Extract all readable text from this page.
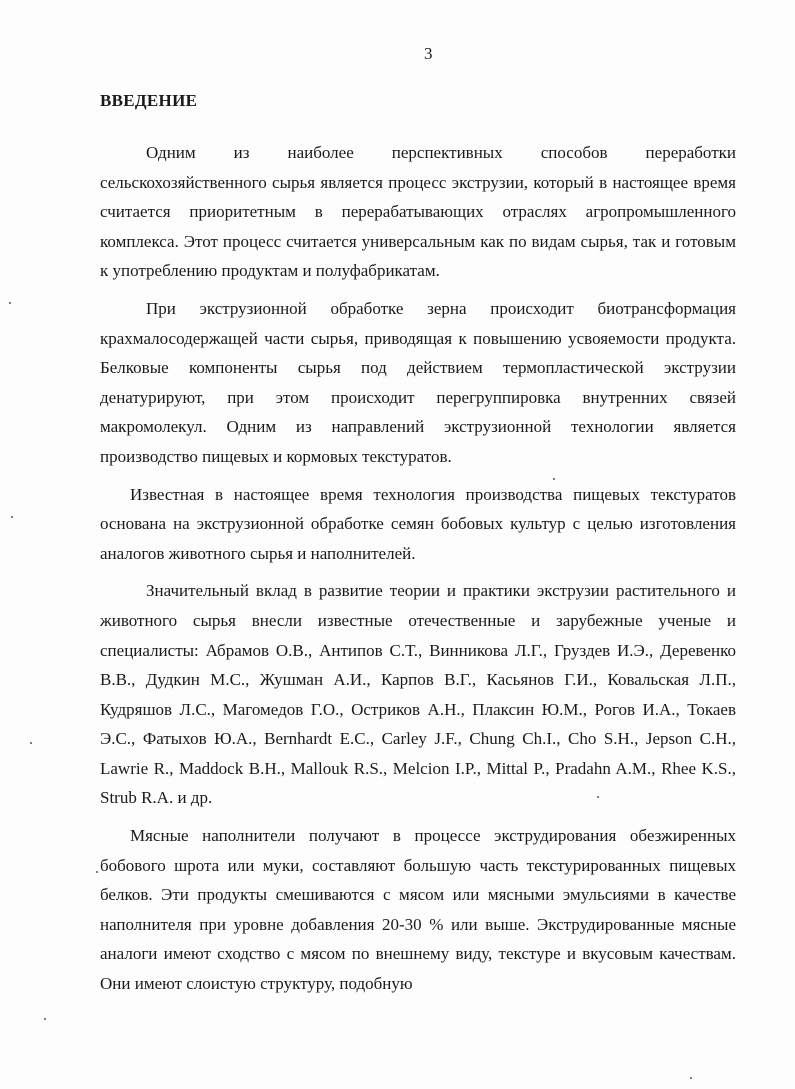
3
ВВЕДЕНИЕ

Одним из наиболее перспективных способов переработки сельскохозяйственного сырья является процесс экструзии, который в настоящее время считается приоритетным в перерабатывающих отраслях агропромышленного комплекса. Этот процесс считается универсальным как по видам сырья, так и готовым к употреблению продуктам и полуфабрикатам.

При экструзионной обработке зерна происходит биотрансформация крахмалосодержащей части сырья, приводящая к повышению усвояемости продукта. Белковые компоненты сырья под действием термопластической экструзии денатурируют, при этом происходит перегруппировка внутренних связей макромолекул. Одним из направлений экструзионной технологии является производство пищевых и кормовых текстуратов.

Известная в настоящее время технология производства пищевых текстуратов основана на экструзионной обработке семян бобовых культур с целью изготовления аналогов животного сырья и наполнителей.

Значительный вклад в развитие теории и практики экструзии растительного и животного сырья внесли известные отечественные и зарубежные ученые и специалисты: Абрамов О.В., Антипов С.Т., Винникова Л.Г., Груздев И.Э., Деревенко В.В., Дудкин М.С., Жушман А.И., Карпов В.Г., Касьянов Г.И., Ковальская Л.П., Кудряшов Л.С., Магомедов Г.О., Остриков А.Н., Плаксин Ю.М., Рогов И.А., Токаев Э.С., Фатыхов Ю.А., Bernhardt E.C., Carley J.F., Chung Ch.I., Cho S.H., Jepson C.H., Lawrie R., Maddock B.H., Mallouk R.S., Melcion I.P., Mittal P., Pradahn A.M., Rhee K.S., Strub R.A. и др.

Мясные наполнители получают в процессе экструдирования обезжиренных бобового шрота или муки, составляют большую часть текстурированных пищевых белков. Эти продукты смешиваются с мясом или мясными эмульсиями в качестве наполнителя при уровне добавления 20-30 % или выше. Экструдированные мясные аналоги имеют сходство с мясом по внешнему виду, текстуре и вкусовым качествам. Они имеют слоистую структуру, подобную
